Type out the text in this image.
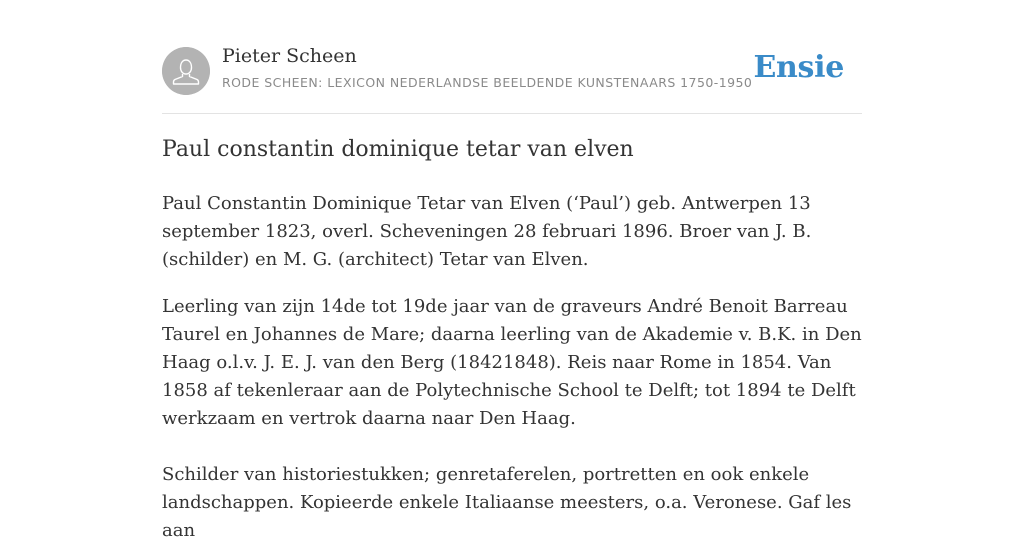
Pieter Scheen
RODE SCHEEN: LEXICON NEDERLANDSE BEELDENDE KUNSTENAARS 1750-1950 Ensie
Paul constantin dominique tetar van elven

Paul Constantin Dominique Tetar van Elven (‘Paul’) geb. Antwerpen 13 september 1823, overl. Scheveningen 28 februari 1896. Broer van J. B. (schilder) en M. G. (architect) Tetar van Elven.

Leerling van zijn 14de tot 19de jaar van de graveurs André Benoit Barreau Taurel en Johannes de Mare; daarna leerling van de Akademie v. B.K. in Den Haag o.l.v. J. E. J. van den Berg (18421848). Reis naar Rome in 1854. Van 1858 af tekenleraar aan de Polytechnische School te Delft; tot 1894 te Delft werkzaam en vertrok daarna naar Den Haag.

Schilder van historiestukken; genretaferelen, portretten en ook enkele landschappen. Kopieerde enkele Italiaanse meesters, o.a. Veronese. Gaf les aan
